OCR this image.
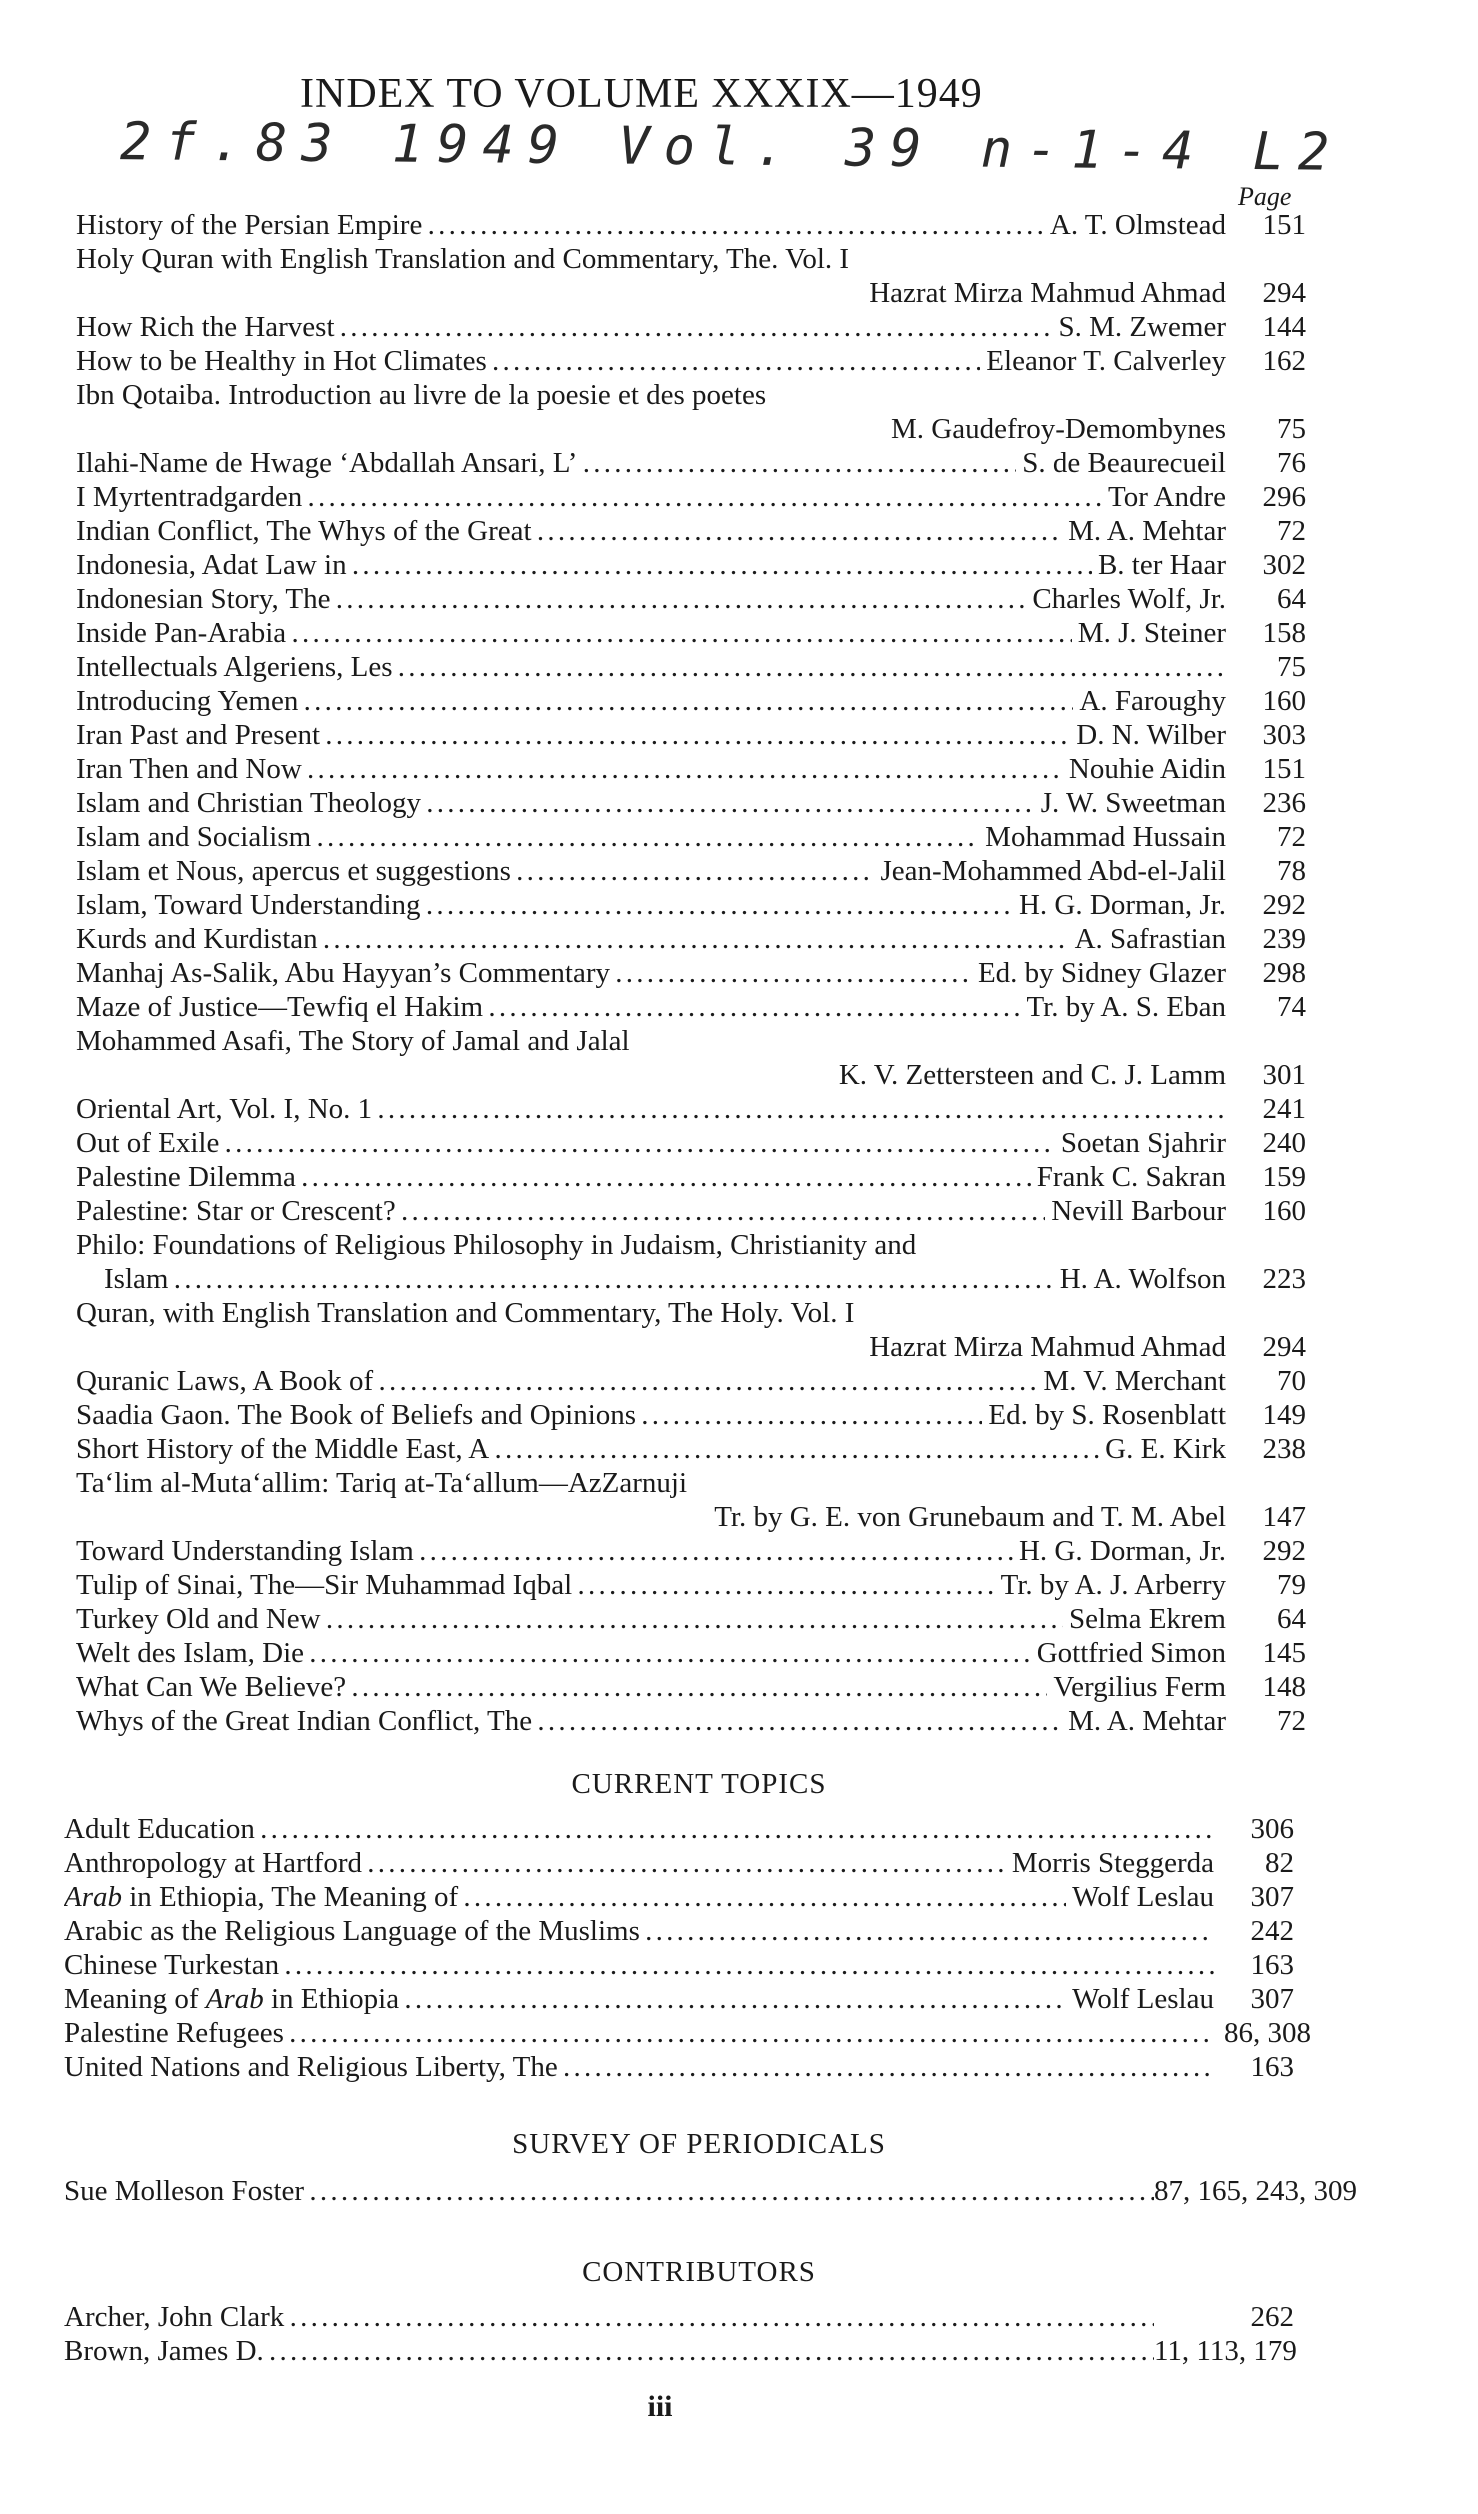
INDEX TO VOLUME XXXIX—1949
2f.83 1949 Vol. 39 n-1-4 L2
Page
History of the Persian Empire . . .	A. T. Olmstead	151
Holy Quran with English Translation and Commentary, The. Vol. I
Hazrat Mirza Mahmud Ahmad	294
How Rich the Harvest . . .	S. M. Zwemer	144
How to be Healthy in Hot Climates . . .	Eleanor T. Calverley	162
Ibn Qotaiba. Introduction au livre de la poesie et des poetes
M. Gaudefroy-Demombynes	75
Ilahi-Name de Hwage ‘Abdallah Ansari, L’ . . .	S. de Beaurecueil	76
I Myrtentradgarden . . .	Tor Andre	296
Indian Conflict, The Whys of the Great . . .	M. A. Mehtar	72
Indonesia, Adat Law in . . .	B. ter Haar	302
Indonesian Story, The . . .	Charles Wolf, Jr.	64
Inside Pan-Arabia . . .	M. J. Steiner	158
Intellectuals Algeriens, Les . . .	75
Introducing Yemen . . .	A. Faroughy	160
Iran Past and Present . . .	D. N. Wilber	303
Iran Then and Now . . .	Nouhie Aidin	151
Islam and Christian Theology . . .	J. W. Sweetman	236
Islam and Socialism . . .	Mohammad Hussain	72
Islam et Nous, apercus et suggestions . . .	Jean-Mohammed Abd-el-Jalil	78
Islam, Toward Understanding . . .	H. G. Dorman, Jr.	292
Kurds and Kurdistan . . .	A. Safrastian	239
Manhaj As-Salik, Abu Hayyan’s Commentary . . .	Ed. by Sidney Glazer	298
Maze of Justice—Tewfiq el Hakim . . .	Tr. by A. S. Eban	74
Mohammed Asafi, The Story of Jamal and Jalal
K. V. Zettersteen and C. J. Lamm	301
Oriental Art, Vol. I, No. 1 . . .	241
Out of Exile . . .	Soetan Sjahrir	240
Palestine Dilemma . . .	Frank C. Sakran	159
Palestine: Star or Crescent? . . .	Nevill Barbour	160
Philo: Foundations of Religious Philosophy in Judaism, Christianity and
Islam . . .	H. A. Wolfson	223
Quran, with English Translation and Commentary, The Holy. Vol. I
Hazrat Mirza Mahmud Ahmad	294
Quranic Laws, A Book of . . .	M. V. Merchant	70
Saadia Gaon. The Book of Beliefs and Opinions . . .	Ed. by S. Rosenblatt	149
Short History of the Middle East, A . . .	G. E. Kirk	238
Ta‘lim al-Muta‘allim: Tariq at-Ta‘allum—AzZarnuji
Tr. by G. E. von Grunebaum and T. M. Abel	147
Toward Understanding Islam . . .	H. G. Dorman, Jr.	292
Tulip of Sinai, The—Sir Muhammad Iqbal . . .	Tr. by A. J. Arberry	79
Turkey Old and New . . .	Selma Ekrem	64
Welt des Islam, Die . . .	Gottfried Simon	145
What Can We Believe? . . .	Vergilius Ferm	148
Whys of the Great Indian Conflict, The . . .	M. A. Mehtar	72
CURRENT TOPICS
Adult Education . . .	306
Anthropology at Hartford . . .	Morris Steggerda	82
Arab in Ethiopia, The Meaning of . . .	Wolf Leslau	307
Arabic as the Religious Language of the Muslims . . .	242
Chinese Turkestan . . .	163
Meaning of Arab in Ethiopia . . .	Wolf Leslau	307
Palestine Refugees . . .	86, 308
United Nations and Religious Liberty, The . . .	163
SURVEY OF PERIODICALS
Sue Molleson Foster . . .	87, 165, 243, 309
CONTRIBUTORS
Archer, John Clark . . .	262
Brown, James D. . . .	11, 113, 179
iii
